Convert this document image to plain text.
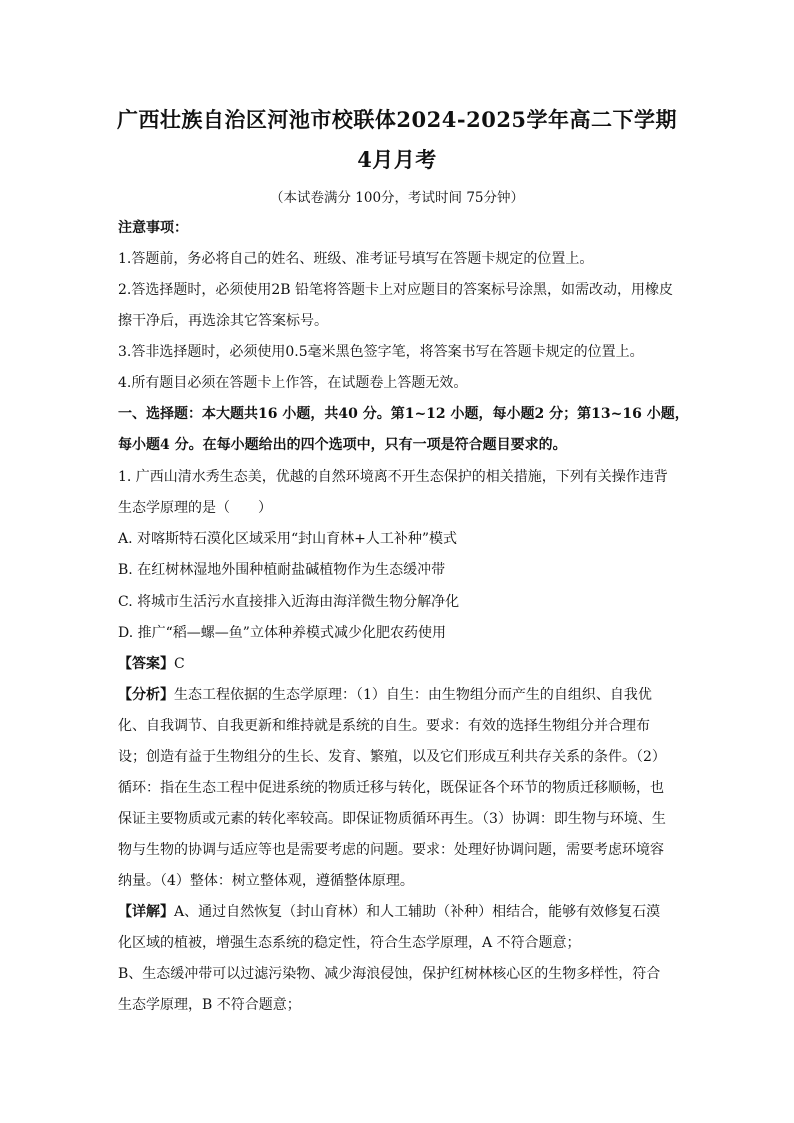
广西壮族自治区河池市校联体2024-2025学年高二下学期
4月月考
（本试卷满分 100分，考试时间 75分钟）
注意事项：
1.答题前，务必将自己的姓名、班级、准考证号填写在答题卡规定的位置上。
2.答选择题时，必须使用2B 铅笔将答题卡上对应题目的答案标号涂黑，如需改动，用橡皮
擦干净后，再选涂其它答案标号。
3.答非选择题时，必须使用0.5毫米黑色签字笔，将答案书写在答题卡规定的位置上。
4.所有题目必须在答题卡上作答，在试题卷上答题无效。
一、选择题：本大题共16 小题，共40 分。第1~12 小题，每小题2 分；第13~16 小题，
每小题4 分。在每小题给出的四个选项中，只有一项是符合题目要求的。
1. 广西山清水秀生态美，优越的自然环境离不开生态保护的相关措施，下列有关操作违背
生态学原理的是（　　）
A. 对喀斯特石漠化区域采用“封山育林+人工补种”模式
B. 在红树林湿地外围种植耐盐碱植物作为生态缓冲带
C. 将城市生活污水直接排入近海由海洋微生物分解净化
D. 推广“稻—螺—鱼”立体种养模式减少化肥农药使用
【答案】C
【分析】生态工程依据的生态学原理：（1）自生：由生物组分而产生的自组织、自我优
化、自我调节、自我更新和维持就是系统的自生。要求：有效的选择生物组分并合理布
设；创造有益于生物组分的生长、发育、繁殖，以及它们形成互利共存关系的条件。（2）
循环：指在生态工程中促进系统的物质迁移与转化，既保证各个环节的物质迁移顺畅，也
保证主要物质或元素的转化率较高。即保证物质循环再生。（3）协调：即生物与环境、生
物与生物的协调与适应等也是需要考虑的问题。要求：处理好协调问题，需要考虑环境容
纳量。（4）整体：树立整体观，遵循整体原理。
【详解】A、通过自然恢复（封山育林）和人工辅助（补种）相结合，能够有效修复石漠
化区域的植被，增强生态系统的稳定性，符合生态学原理，A 不符合题意；
B、生态缓冲带可以过滤污染物、减少海浪侵蚀，保护红树林核心区的生物多样性，符合
生态学原理，B 不符合题意；
